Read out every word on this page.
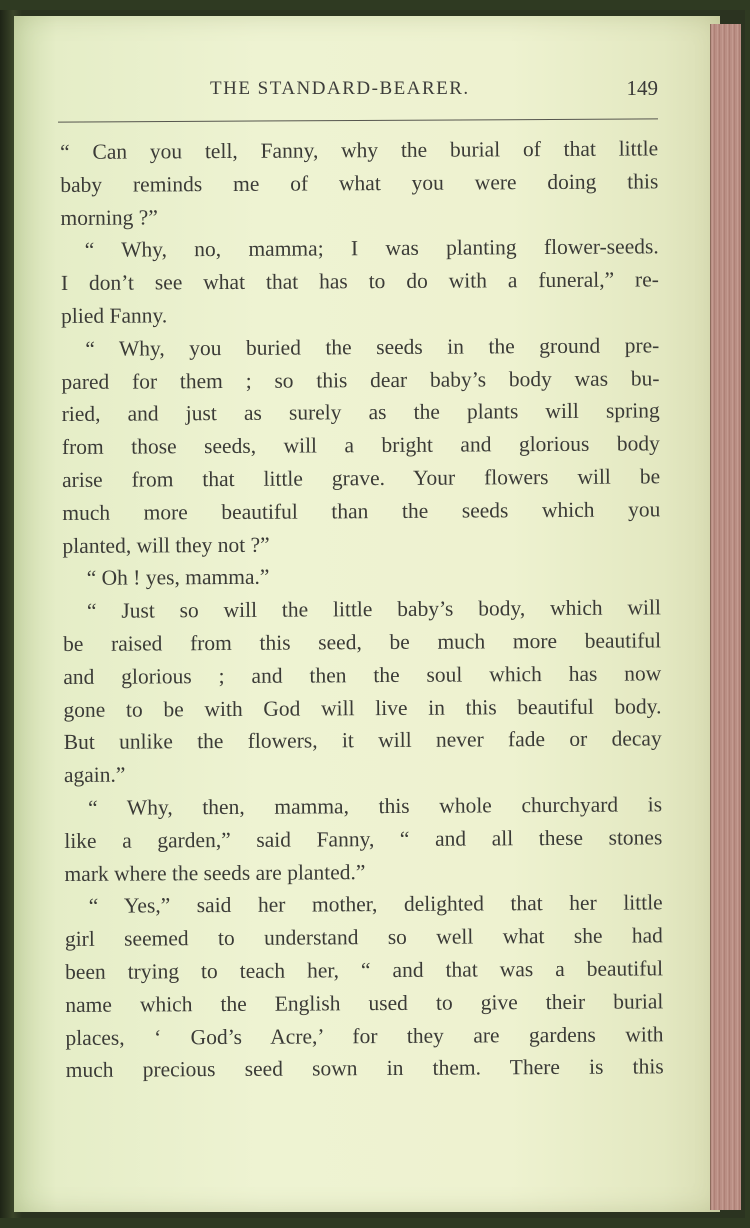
THE STANDARD-BEARER.	149
“ Can you tell, Fanny, why the burial of that little
baby reminds me of what you were doing this
morning ?”
“ Why, no, mamma; I was planting flower-seeds.
I don’t see what that has to do with a funeral,” re-
plied Fanny.
“ Why, you buried the seeds in the ground pre-
pared for them ; so this dear baby’s body was bu-
ried, and just as surely as the plants will spring
from those seeds, will a bright and glorious body
arise from that little grave. Your flowers will be
much more beautiful than the seeds which you
planted, will they not ?”
“ Oh ! yes, mamma.”
“ Just so will the little baby’s body, which will
be raised from this seed, be much more beautiful
and glorious ; and then the soul which has now
gone to be with God will live in this beautiful body.
But unlike the flowers, it will never fade or decay
again.”
“ Why, then, mamma, this whole churchyard is
like a garden,” said Fanny, “ and all these stones
mark where the seeds are planted.”
“ Yes,” said her mother, delighted that her little
girl seemed to understand so well what she had
been trying to teach her, “ and that was a beautiful
name which the English used to give their burial
places, ‘ God’s Acre,’ for they are gardens with
much precious seed sown in them. There is this
